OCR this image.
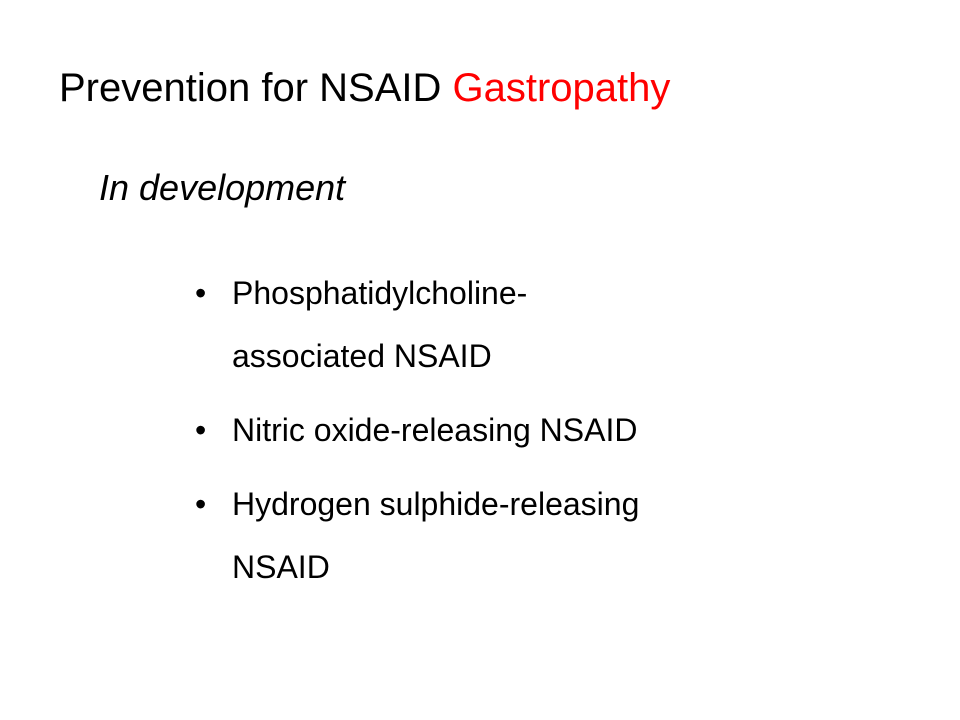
Prevention for NSAID Gastropathy
In development
• Phosphatidylcholine-
associated NSAID
• Nitric oxide-releasing NSAID
• Hydrogen sulphide-releasing
NSAID
